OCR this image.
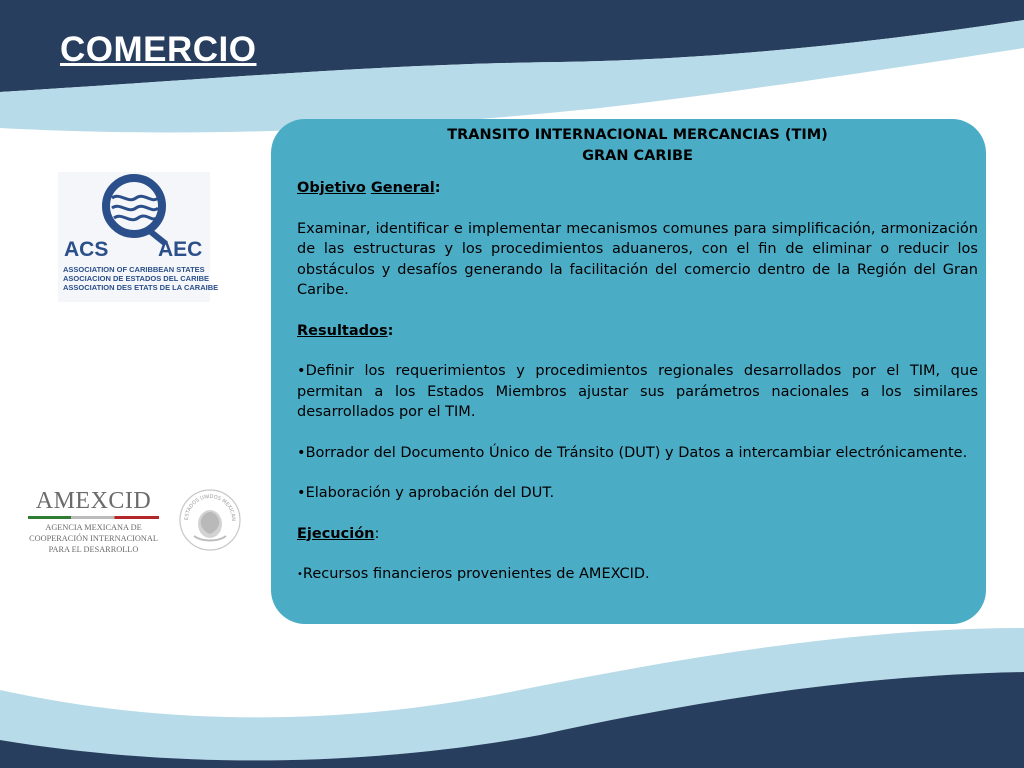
COMERCIO
ACS AEC
ASSOCIATION OF CARIBBEAN STATES
ASOCIACION DE ESTADOS DEL CARIBE
ASSOCIATION DES ETATS DE LA CARAIBE
AMEXCID
AGENCIA MEXICANA DE
COOPERACIÓN INTERNACIONAL
PARA EL DESARROLLO
ESTADOS UNIDOS MEXICAN

TRANSITO INTERNACIONAL MERCANCIAS (TIM)

GRAN CARIBE

Objetivo General:

Examinar, identificar e implementar mecanismos comunes para simplificación, armonización de las estructuras y los procedimientos aduaneros, con el fin de eliminar o reducir los obstáculos y desafíos generando la facilitación del comercio dentro de la Región del Gran Caribe.

Resultados:

•Definir los requerimientos y procedimientos regionales desarrollados por el TIM, que permitan a los Estados Miembros ajustar sus parámetros nacionales a los similares desarrollados por el TIM.

•Borrador del Documento Único de Tránsito (DUT) y Datos a intercambiar electrónicamente.

•Elaboración y aprobación del DUT.

Ejecución:

•Recursos financieros provenientes de AMEXCID.
